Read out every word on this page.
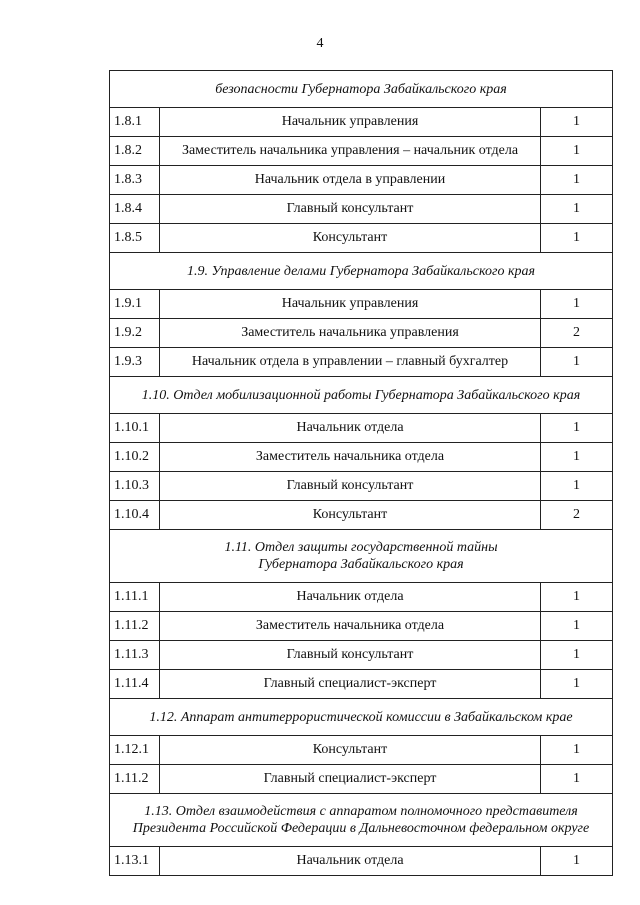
4
безопасности Губернатора Забайкальского края		
1.8.1	Начальник управления	1
1.8.2	Заместитель начальника управления – начальник отдела	1
1.8.3	Начальник отдела в управлении	1
1.8.4	Главный консультант	1
1.8.5	Консультант	1
1.9. Управление делами Губернатора Забайкальского края		
1.9.1	Начальник управления	1
1.9.2	Заместитель начальника управления	2
1.9.3	Начальник отдела в управлении – главный бухгалтер	1
1.10. Отдел мобилизационной работы Губернатора Забайкальского края		
1.10.1	Начальник отдела	1
1.10.2	Заместитель начальника отдела	1
1.10.3	Главный консультант	1
1.10.4	Консультант	2
1.11. Отдел защиты государственной тайны
Губернатора Забайкальского края		
1.11.1	Начальник отдела	1
1.11.2	Заместитель начальника отдела	1
1.11.3	Главный консультант	1
1.11.4	Главный специалист-эксперт	1
1.12. Аппарат антитеррористической комиссии в Забайкальском крае		
1.12.1	Консультант	1
1.11.2	Главный специалист-эксперт	1
1.13. Отдел взаимодействия с аппаратом полномочного представителя
Президента Российской Федерации в Дальневосточном федеральном округе		
1.13.1	Начальник отдела	1
